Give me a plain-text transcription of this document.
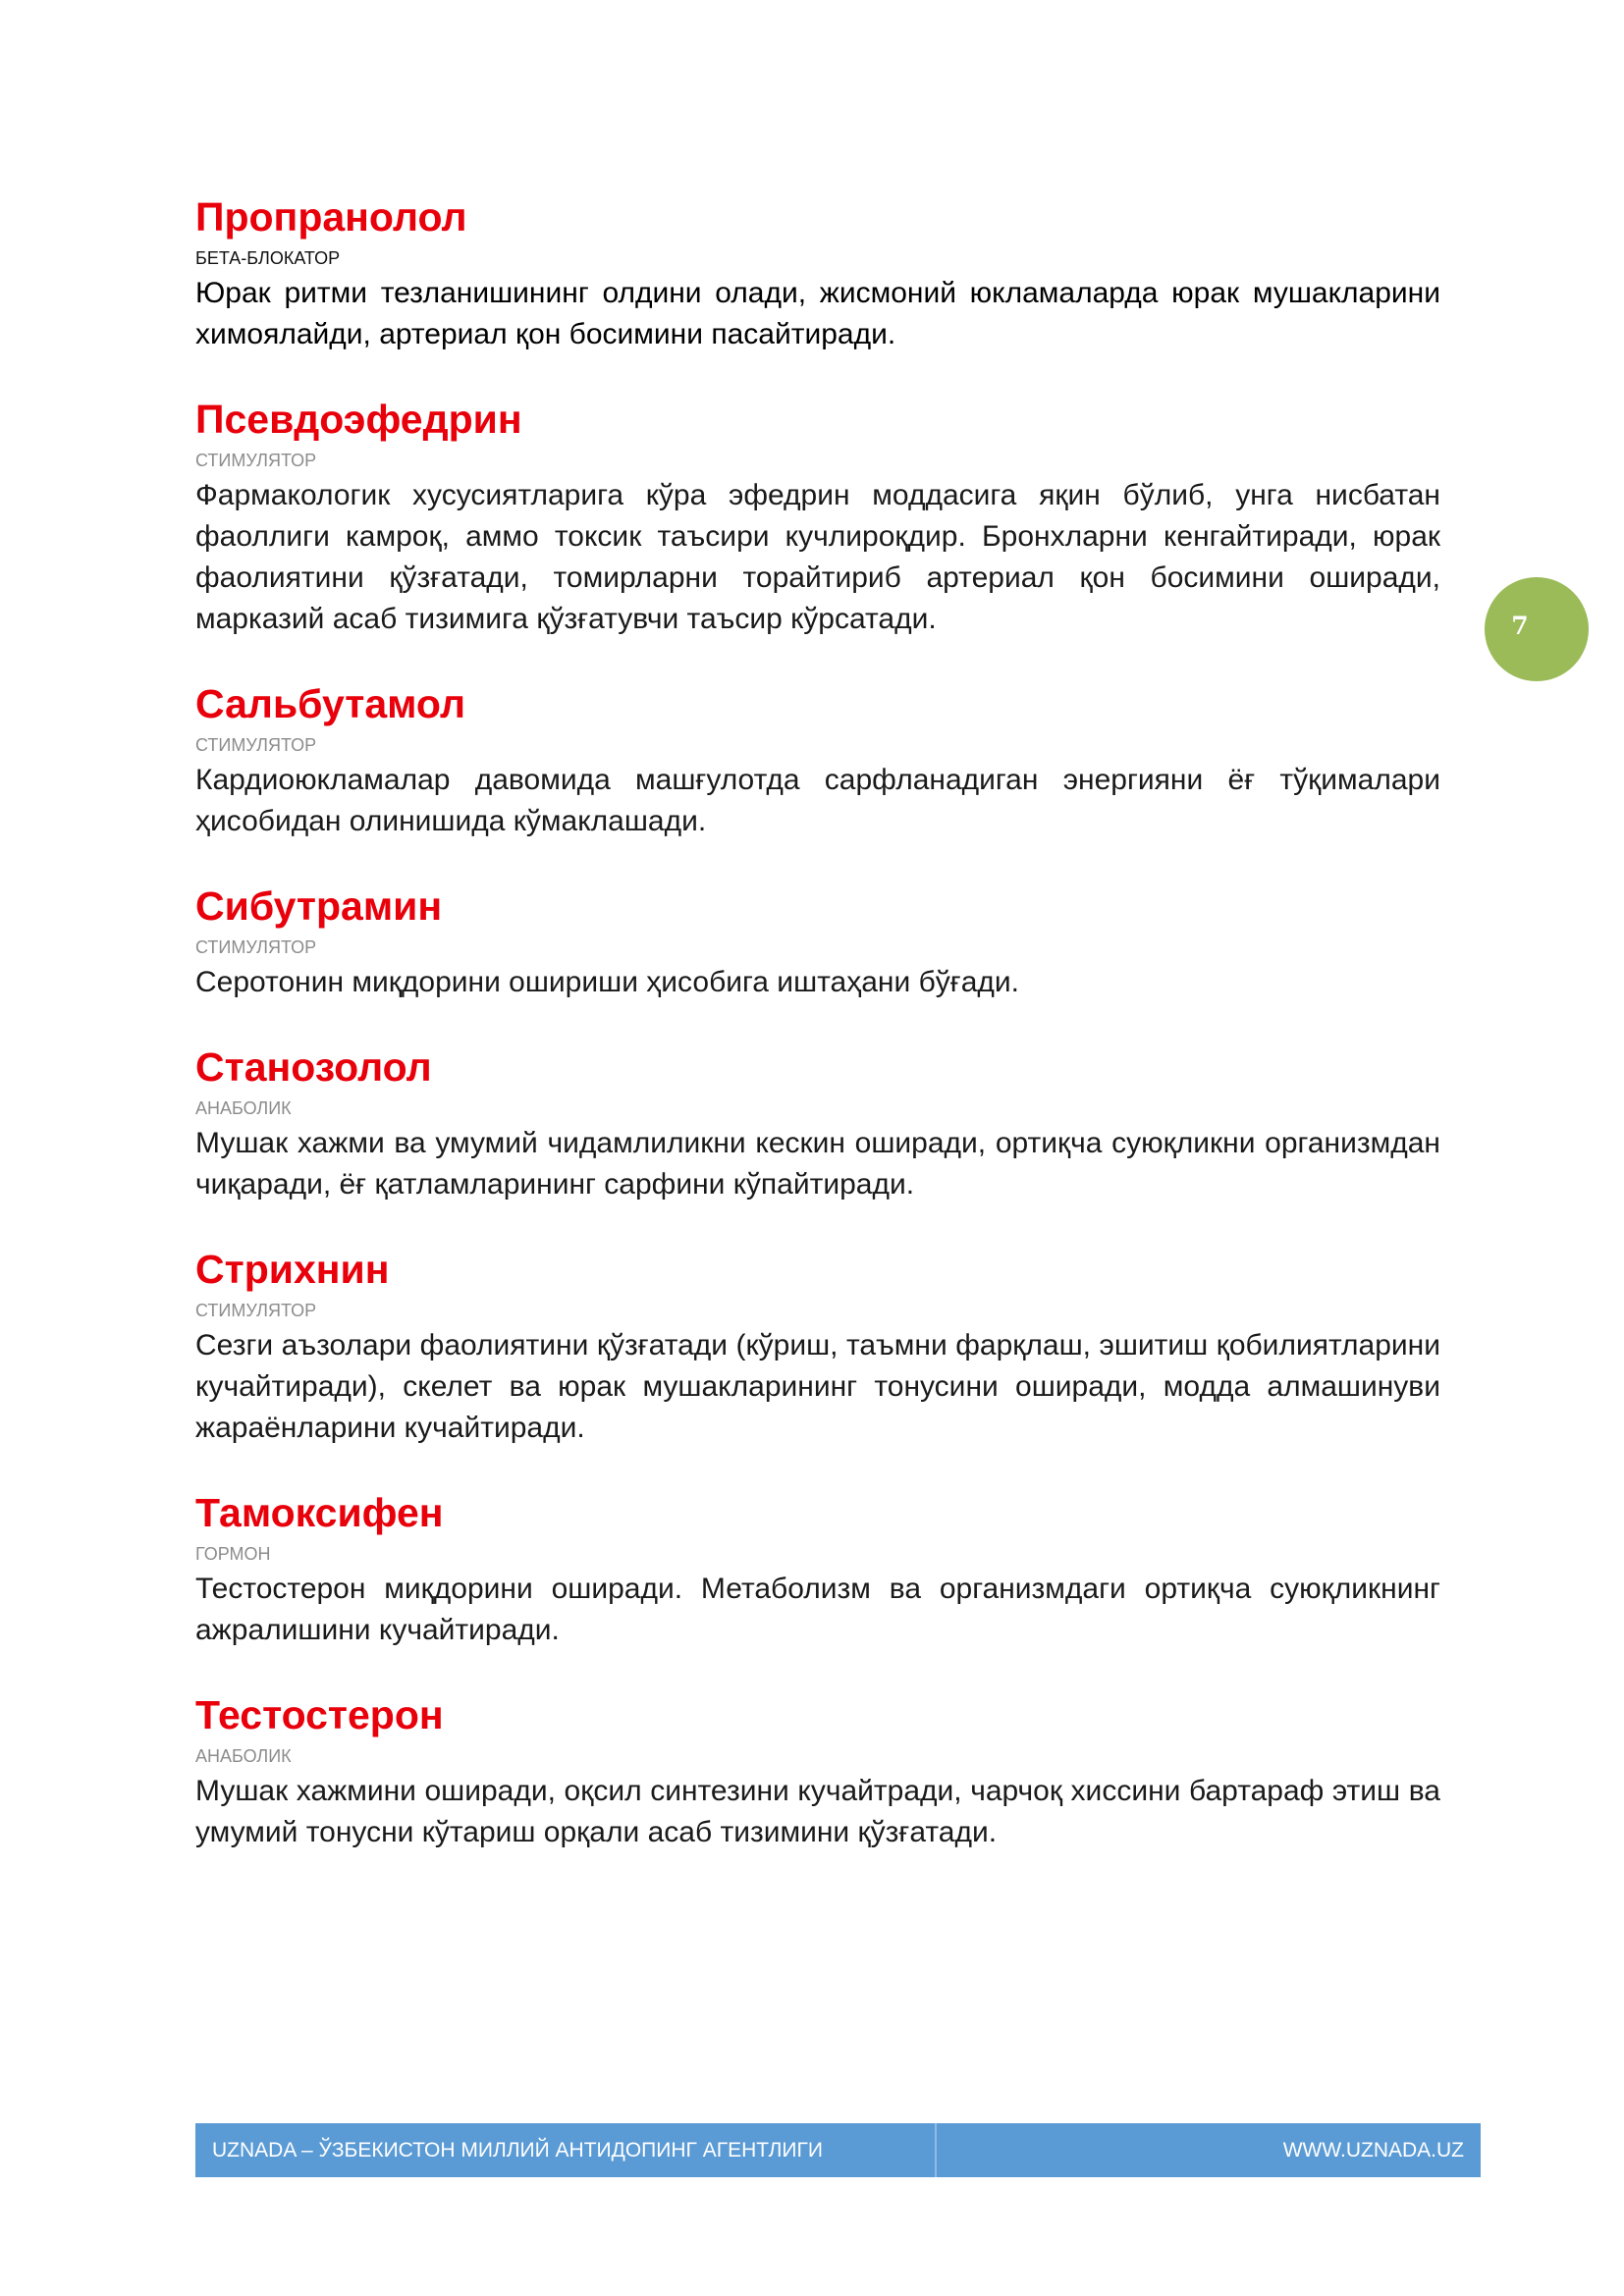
Пропранолол
БЕТА-БЛОКАТОР
Юрак ритми тезланишининг олдини олади, жисмоний юкламаларда юрак мушакларини химоялайди, артериал қон босимини пасайтиради.
Псевдоэфедрин
СТИМУЛЯТОР
Фармакологик хусусиятларига кўра эфедрин моддасига яқин бўлиб, унга нисбатан фаоллиги камроқ, аммо токсик таъсири кучлироқдир. Бронхларни кенгайтиради, юрак фаолиятини қўзғатади, томирларни торайтириб артериал қон босимини оширади, марказий асаб тизимига қўзғатувчи таъсир кўрсатади.
Сальбутамол
СТИМУЛЯТОР
Кардиоюкламалар давомида машғулотда сарфланадиган энергияни ёғ тўқималари ҳисобидан олинишида кўмаклашади.
Сибутрамин
СТИМУЛЯТОР
Серотонин миқдорини ошириши ҳисобига иштаҳани бўғади.
Станозолол
АНАБОЛИК
Мушак хажми ва умумий чидамлиликни кескин оширади, ортиқча суюқликни организмдан чиқаради, ёғ қатламларининг сарфини кўпайтиради.
Стрихнин
СТИМУЛЯТОР
Сезги аъзолари фаолиятини қўзғатади (кўриш, таъмни фарқлаш, эшитиш қобилиятларини кучайтиради), скелет ва юрак мушакларининг тонусини оширади, модда алмашинуви жараёнларини кучайтиради.
Тамоксифен
ГОРМОН
Тестостерон миқдорини оширади. Метаболизм ва организмдаги ортиқча суюқликнинг ажралишини кучайтиради.
Тестостерон
АНАБОЛИК
Мушак хажмини оширади, оқсил синтезини кучайтради, чарчоқ хиссини бартараф этиш ва умумий тонусни кўтариш орқали асаб тизимини қўзғатади.
7
UZNADA – ЎЗБЕКИСТОН МИЛЛИЙ АНТИДОПИНГ АГЕНТЛИГИ	WWW.UZNADA.UZ
